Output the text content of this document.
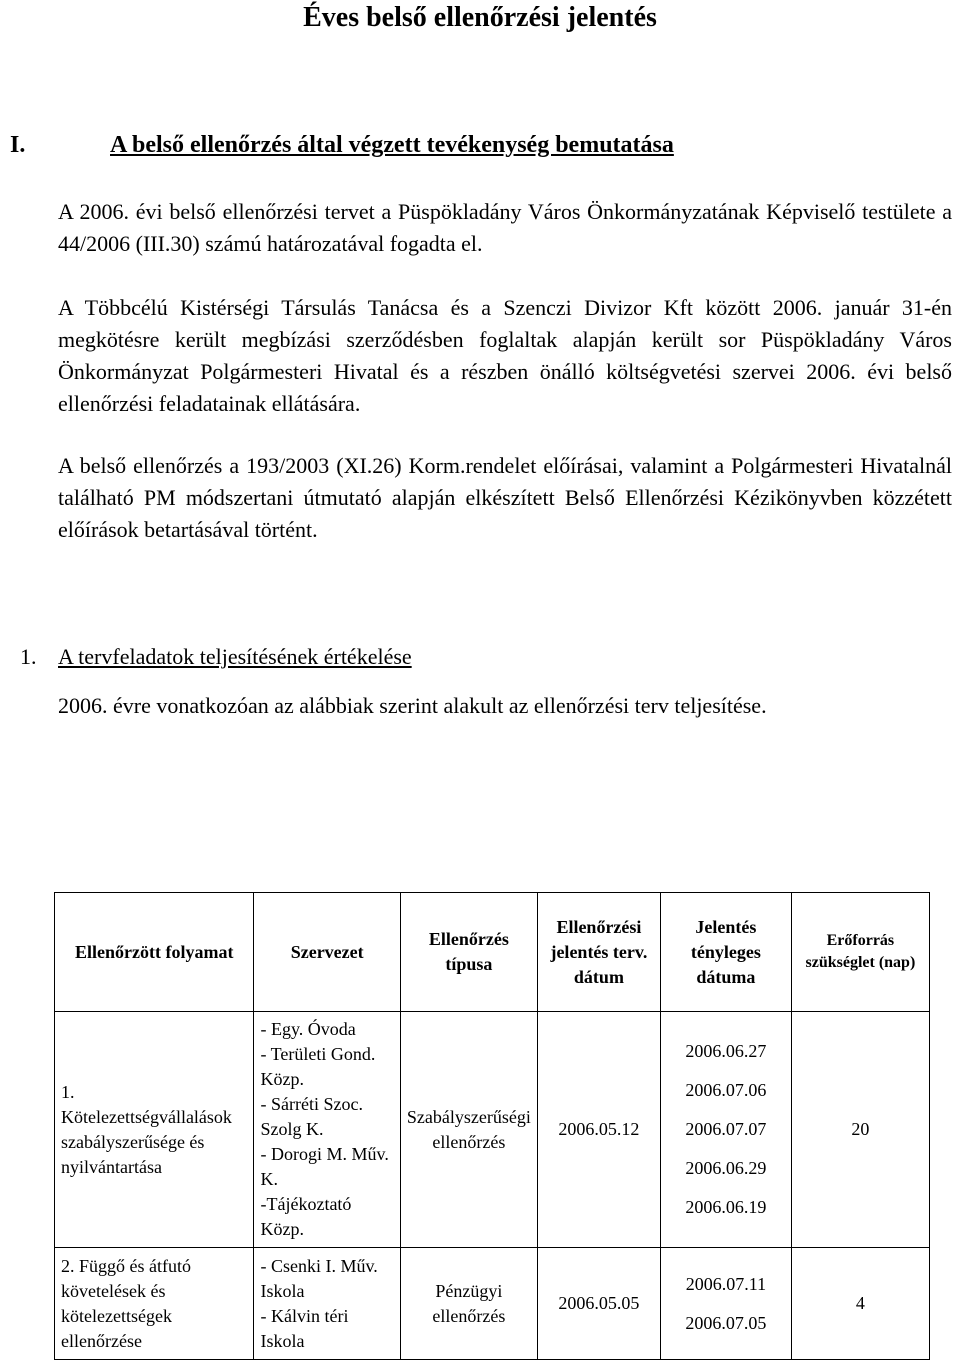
Éves belső ellenőrzési jelentés
I.	A belső ellenőrzés által végzett tevékenység bemutatása

A 2006. évi belső ellenőrzési tervet a Püspökladány Város Önkormányzatának Képviselő testülete a 44/2006 (III.30) számú határozatával fogadta el.

A Többcélú Kistérségi Társulás Tanácsa és a Szenczi Divizor Kft között 2006. január 31-én megkötésre került megbízási szerződésben foglaltak alapján került sor Püspökladány Város Önkormányzat Polgármesteri Hivatal és a részben önálló költségvetési szervei 2006. évi belső ellenőrzési feladatainak ellátására.

A belső ellenőrzés a 193/2003 (XI.26) Korm.rendelet előírásai, valamint a Polgármesteri Hivatalnál található PM módszertani útmutató alapján elkészített Belső Ellenőrzési Kézikönyvben közzétett előírások betartásával történt.

1. A tervfeladatok teljesítésének értékelése

2006. évre vonatkozóan az alábbiak szerint alakult az ellenőrzési terv teljesítése.

Ellenőrzött folyamat	Szervezet	Ellenőrzés típusa	Ellenőrzési jelentés terv. dátum	Jelentés tényleges dátuma	Erőforrás szükséglet (nap)
1. Kötelezettségvállalások szabályszerűsége és nyilvántartása	- Egy. Óvoda
- Területi Gond. Közp.
- Sárréti Szoc. Szolg K.
- Dorogi M. Műv. K.
-Tájékoztató Közp.	Szabályszerűségi ellenőrzés	2006.05.12	2006.06.27
2006.07.06
2006.07.07
2006.06.29
2006.06.19	20
2. Függő és átfutó követelések és kötelezettségek ellenőrzése	- Csenki I. Műv. Iskola
- Kálvin téri Iskola	Pénzügyi ellenőrzés	2006.05.05	2006.07.11
2006.07.05	4
